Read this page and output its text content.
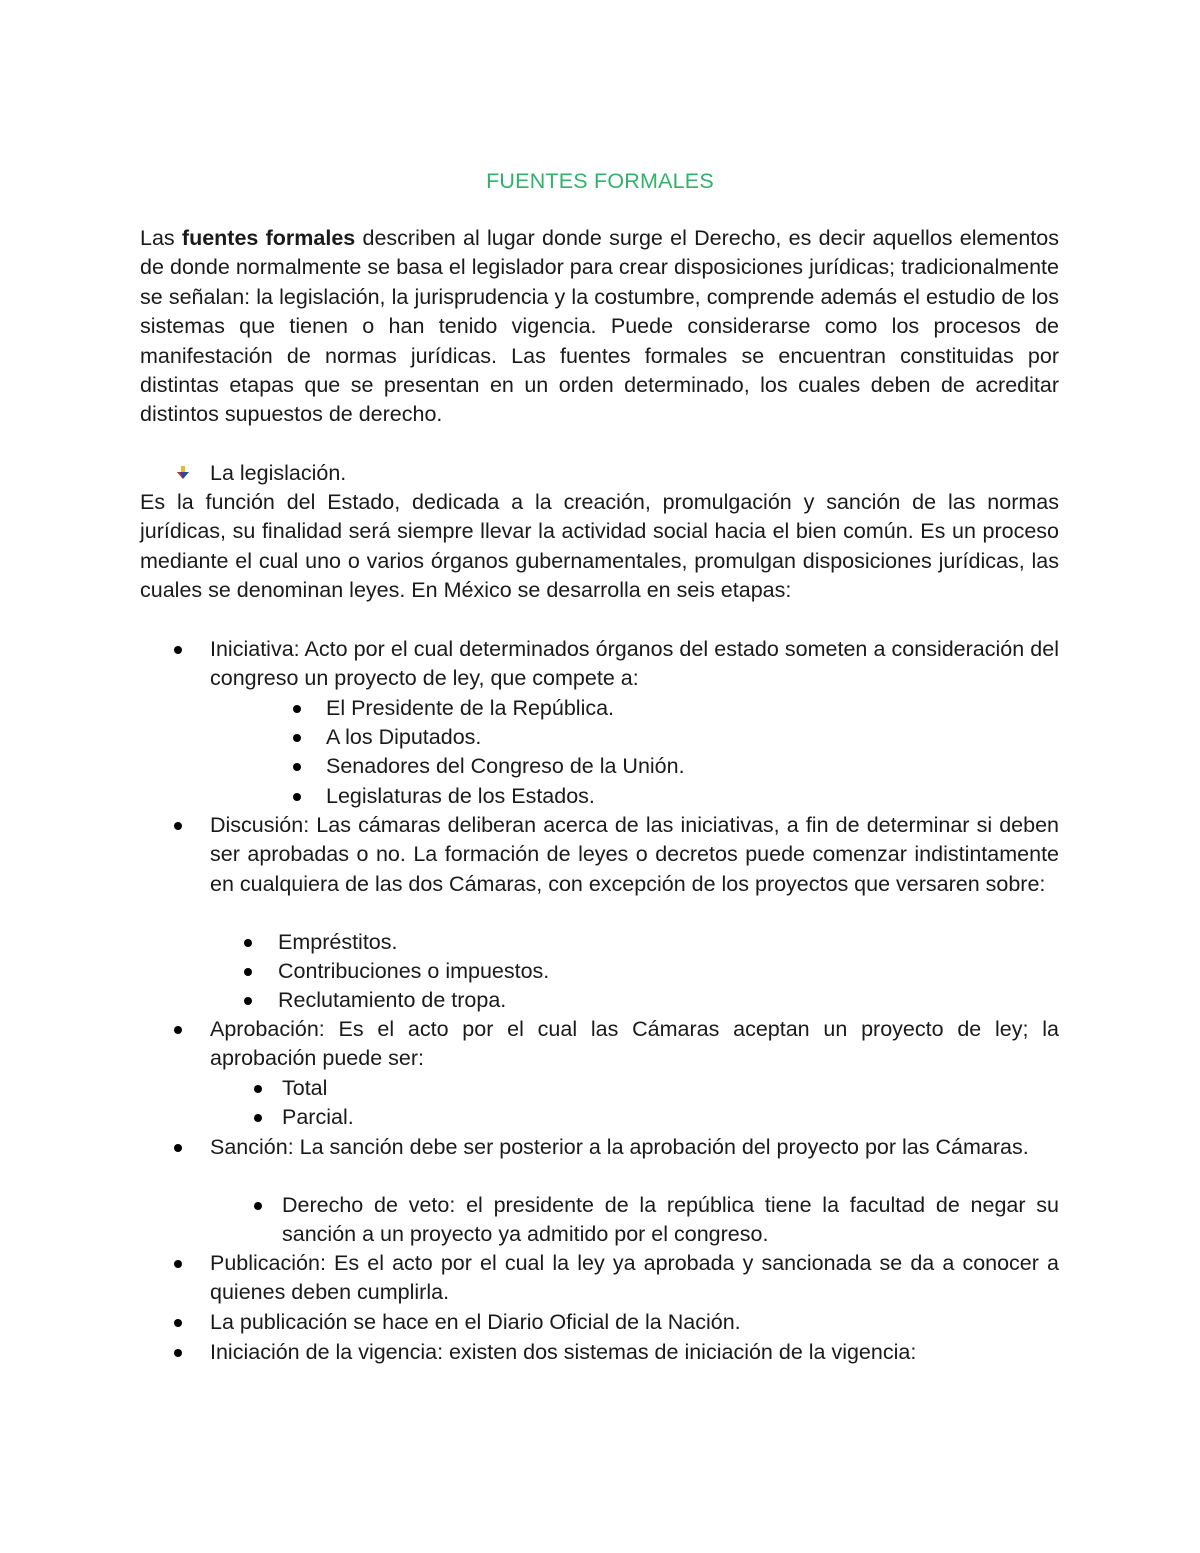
FUENTES FORMALES
Las fuentes formales describen al lugar donde surge el Derecho, es decir aquellos elementos de donde normalmente se basa el legislador para crear disposiciones jurídicas; tradicionalmente se señalan: la legislación, la jurisprudencia y la costumbre, comprende además el estudio de los sistemas que tienen o han tenido vigencia. Puede considerarse como los procesos de manifestación de normas jurídicas. Las fuentes formales se encuentran constituidas por distintas etapas que se presentan en un orden determinado, los cuales deben de acreditar distintos supuestos de derecho.
La legislación.
Es la función del Estado, dedicada a la creación, promulgación y sanción de las normas jurídicas, su finalidad será siempre llevar la actividad social hacia el bien común. Es un proceso mediante el cual uno o varios órganos gubernamentales, promulgan disposiciones jurídicas, las cuales se denominan leyes. En México se desarrolla en seis etapas:
Iniciativa: Acto por el cual determinados órganos del estado someten a consideración del congreso un proyecto de ley, que compete a:
El Presidente de la República.
A los Diputados.
Senadores del Congreso de la Unión.
Legislaturas de los Estados.
Discusión: Las cámaras deliberan acerca de las iniciativas, a fin de determinar si deben ser aprobadas o no. La formación de leyes o decretos puede comenzar indistintamente en cualquiera de las dos Cámaras, con excepción de los proyectos que versaren sobre:
Empréstitos.
Contribuciones o impuestos.
Reclutamiento de tropa.
Aprobación: Es el acto por el cual las Cámaras aceptan un proyecto de ley; la aprobación puede ser:
Total
Parcial.
Sanción: La sanción debe ser posterior a la aprobación del proyecto por las Cámaras.
Derecho de veto: el presidente de la república tiene la facultad de negar su sanción a un proyecto ya admitido por el congreso.
Publicación: Es el acto por el cual la ley ya aprobada y sancionada se da a conocer a quienes deben cumplirla.
La publicación se hace en el Diario Oficial de la Nación.
Iniciación de la vigencia: existen dos sistemas de iniciación de la vigencia:
